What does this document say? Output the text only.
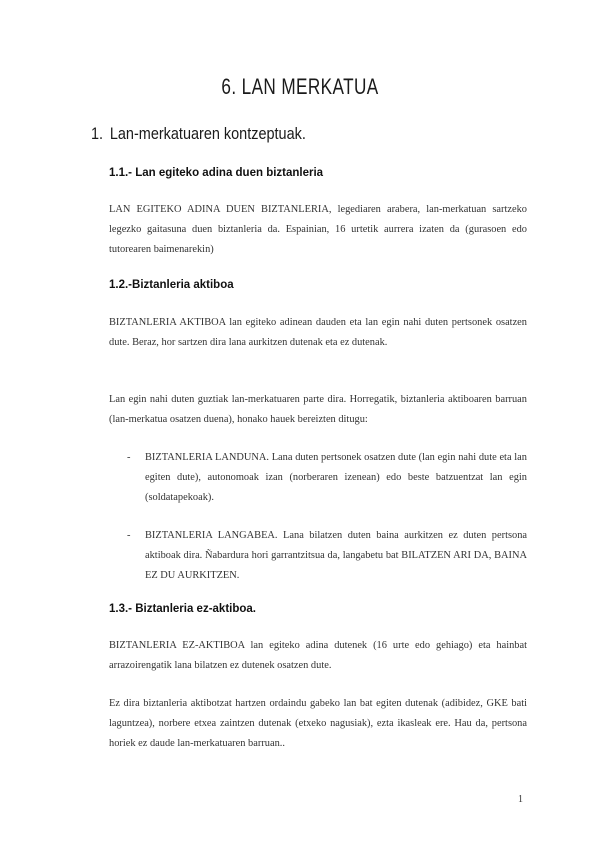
6. LAN MERKATUA
1. Lan-merkatuaren kontzeptuak.
1.1.- Lan egiteko adina duen biztanleria

LAN EGITEKO ADINA DUEN BIZTANLERIA, legediaren arabera, lan-merkatuan sartzeko legezko gaitasuna duen biztanleria da. Espainian, 16 urtetik aurrera izaten da (gurasoen edo tutorearen baimenarekin)

1.2.-Biztanleria aktiboa

BIZTANLERIA AKTIBOA lan egiteko adinean dauden eta lan egin nahi duten pertsonek osatzen dute. Beraz, hor sartzen dira lana aurkitzen dutenak eta ez dutenak.

Lan egin nahi duten guztiak lan-merkatuaren parte dira. Horregatik, biztanleria aktiboaren barruan (lan-merkatua osatzen duena), honako hauek bereizten ditugu:

- BIZTANLERIA LANDUNA. Lana duten pertsonek osatzen dute (lan egin nahi dute eta lan egiten dute), autonomoak izan (norberaren izenean) edo beste batzuentzat lan egin (soldatapekoak).
- BIZTANLERIA LANGABEA. Lana bilatzen duten baina aurkitzen ez duten pertsona aktiboak dira. Ñabardura hori garrantzitsua da, langabetu bat BILATZEN ARI DA, BAINA EZ DU AURKITZEN.
1.3.- Biztanleria ez-aktiboa.

BIZTANLERIA EZ-AKTIBOA lan egiteko adina dutenek (16 urte edo gehiago) eta hainbat arrazoirengatik lana bilatzen ez dutenek osatzen dute.

Ez dira biztanleria aktibotzat hartzen ordaindu gabeko lan bat egiten dutenak (adibidez, GKE bati laguntzea), norbere etxea zaintzen dutenak (etxeko nagusiak), ezta ikasleak ere. Hau da, pertsona horiek ez daude lan-merkatuaren barruan..

1
